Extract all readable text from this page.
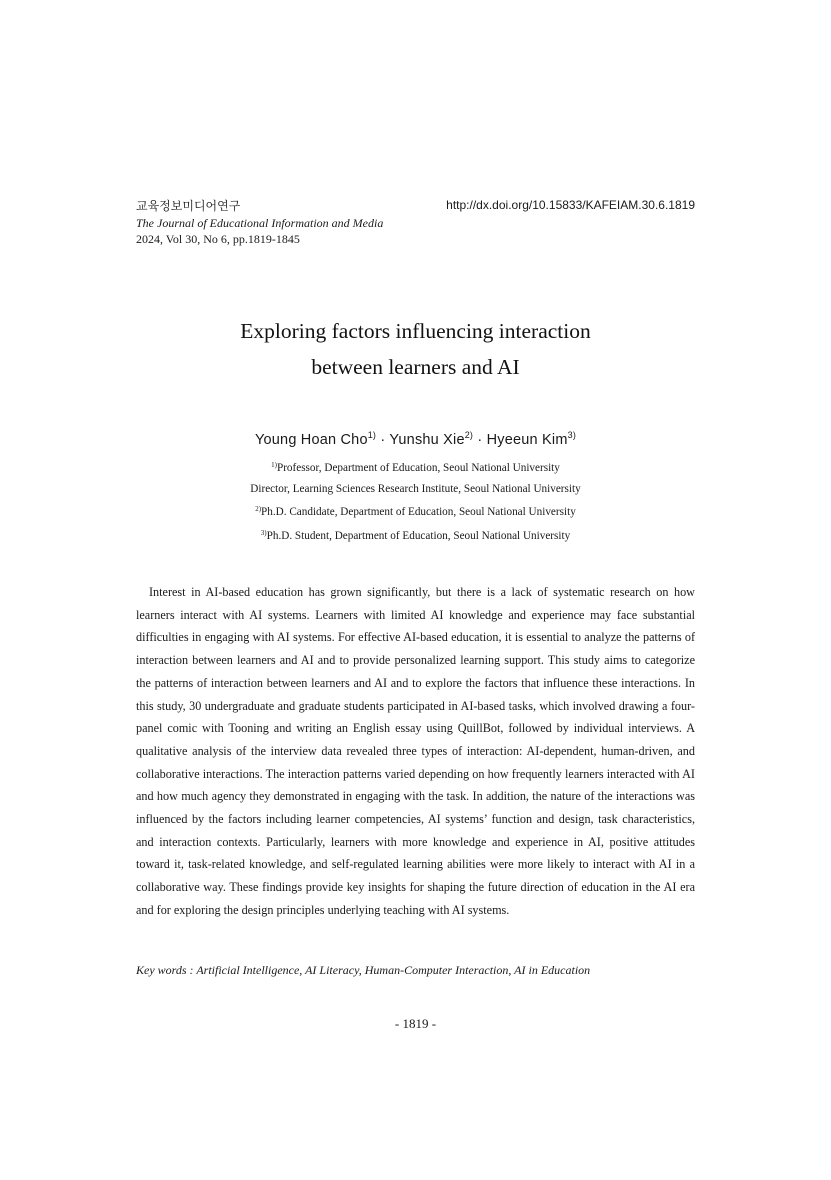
교육정보미디어연구
The Journal of Educational Information and Media
2024, Vol 30, No 6, pp.1819-1845
http://dx.doi.org/10.15833/KAFEIAM.30.6.1819
Exploring factors influencing interaction
between learners and AI
Young Hoan Cho$^{1)}$ · Yunshu Xie$^{2)}$ · Hyeeun Kim$^{3)}$
$^{1)}$Professor, Department of Education, Seoul National University
Director, Learning Sciences Research Institute, Seoul National University
$^{2)}$Ph.D. Candidate, Department of Education, Seoul National University
$^{3)}$Ph.D. Student, Department of Education, Seoul National University
Interest in AI-based education has grown significantly, but there is a lack of systematic research on how learners interact with AI systems. Learners with limited AI knowledge and experience may face substantial difficulties in engaging with AI systems. For effective AI-based education, it is essential to analyze the patterns of interaction between learners and AI and to provide personalized learning support. This study aims to categorize the patterns of interaction between learners and AI and to explore the factors that influence these interactions. In this study, 30 undergraduate and graduate students participated in AI-based tasks, which involved drawing a four-panel comic with Tooning and writing an English essay using QuillBot, followed by individual interviews. A qualitative analysis of the interview data revealed three types of interaction: AI-dependent, human-driven, and collaborative interactions. The interaction patterns varied depending on how frequently learners interacted with AI and how much agency they demonstrated in engaging with the task. In addition, the nature of the interactions was influenced by the factors including learner competencies, AI systems’ function and design, task characteristics, and interaction contexts. Particularly, learners with more knowledge and experience in AI, positive attitudes toward it, task-related knowledge, and self-regulated learning abilities were more likely to interact with AI in a collaborative way. These findings provide key insights for shaping the future direction of education in the AI era and for exploring the design principles underlying teaching with AI systems.
Key words : Artificial Intelligence, AI Literacy, Human-Computer Interaction, AI in Education
- 1819 -
